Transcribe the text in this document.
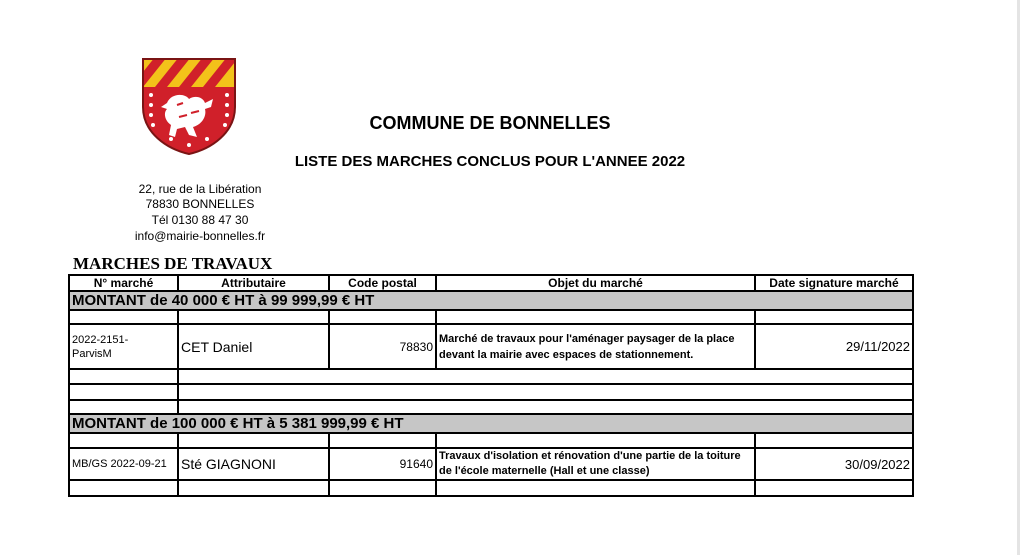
COMMUNE DE BONNELLES
LISTE DES MARCHES CONCLUS POUR L'ANNEE 2022
22, rue de la Libération
78830 BONNELLES
Tél 0130 88 47 30
info@mairie-bonnelles.fr
MARCHES DE TRAVAUX
N° marché	Attributaire	Code postal	Objet du marché	Date signature marché
MONTANT de 40 000 € HT à 99 999,99 € HT				

2022-2151-
ParvisM	CET Daniel	78830	Marché de travaux pour l'aménager paysager de la place devant la mairie avec espaces de stationnement.	29/11/2022

MONTANT de 100 000 € HT à 5 381 999,99 € HT				

MB/GS 2022-09-21	Sté GIAGNONI	91640	Travaux d'isolation et rénovation d'une partie de la toiture de l'école maternelle (Hall et une classe)	30/09/2022
